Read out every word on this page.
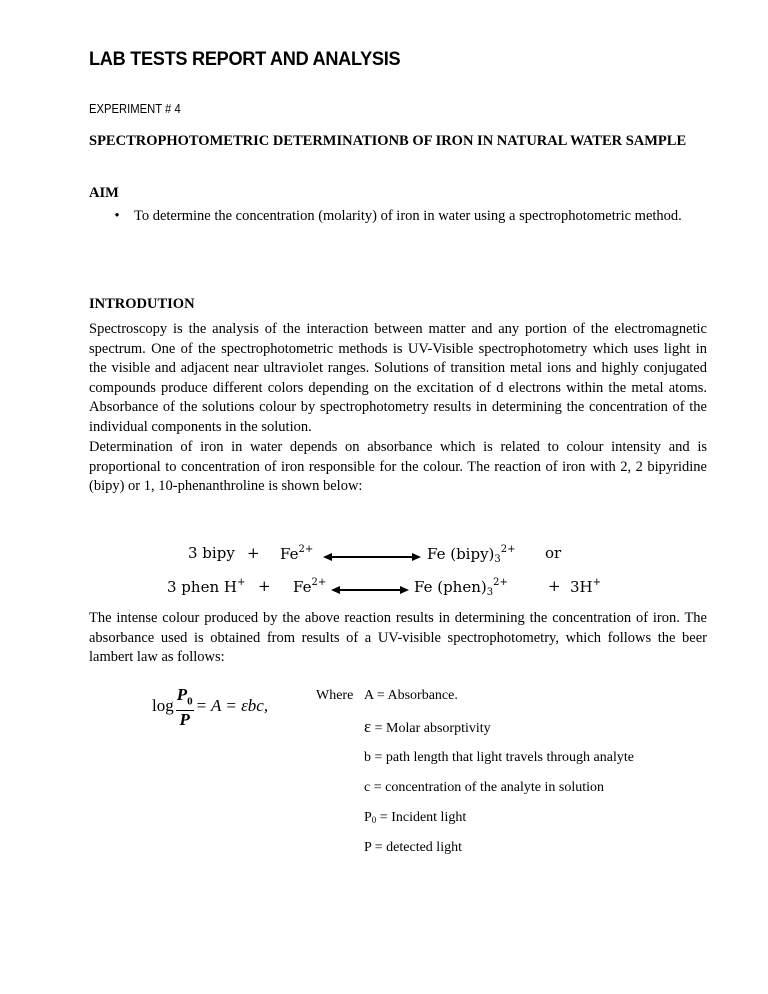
LAB TESTS REPORT AND ANALYSIS
EXPERIMENT # 4
SPECTROPHOTOMETRIC DETERMINATIONB OF IRON IN NATURAL WATER SAMPLE
AIM
• To determine the concentration (molarity) of iron in water using a spectrophotometric method.
INTRODUTION
Spectroscopy is the analysis of the interaction between matter and any portion of the electromagnetic spectrum. One of the spectrophotometric methods is UV-Visible spectrophotometry which uses light in the visible and adjacent near ultraviolet ranges. Solutions of transition metal ions and highly conjugated compounds produce different colors depending on the excitation of d electrons within the metal atoms. Absorbance of the solutions colour by spectrophotometry results in determining the concentration of the individual components in the solution.
Determination of iron in water depends on absorbance which is related to colour intensity and is proportional to concentration of iron responsible for the colour. The reaction of iron with 2, 2 bipyridine (bipy) or 1, 10-phenanthroline is shown below:
3 bipy + $Fe^{2+}$	Fe $(bipy)_3^{2+}$ or
3 phen $H^+ + Fe^{2+}$	Fe $(phen)_3^{2+}$	+ 3H+
The intense colour produced by the above reaction results in determining the concentration of iron. The absorbance used is obtained from results of a UV-visible spectrophotometry, which follows the beer lambert law as follows:
$\log \frac{P_0}{P} = A = \varepsilon bc$,
Where A = Absorbance.
ε = Molar absorptivity
b = path length that light travels through analyte
c = concentration of the analyte in solution
$P_0$ = Incident light
P = detected light
